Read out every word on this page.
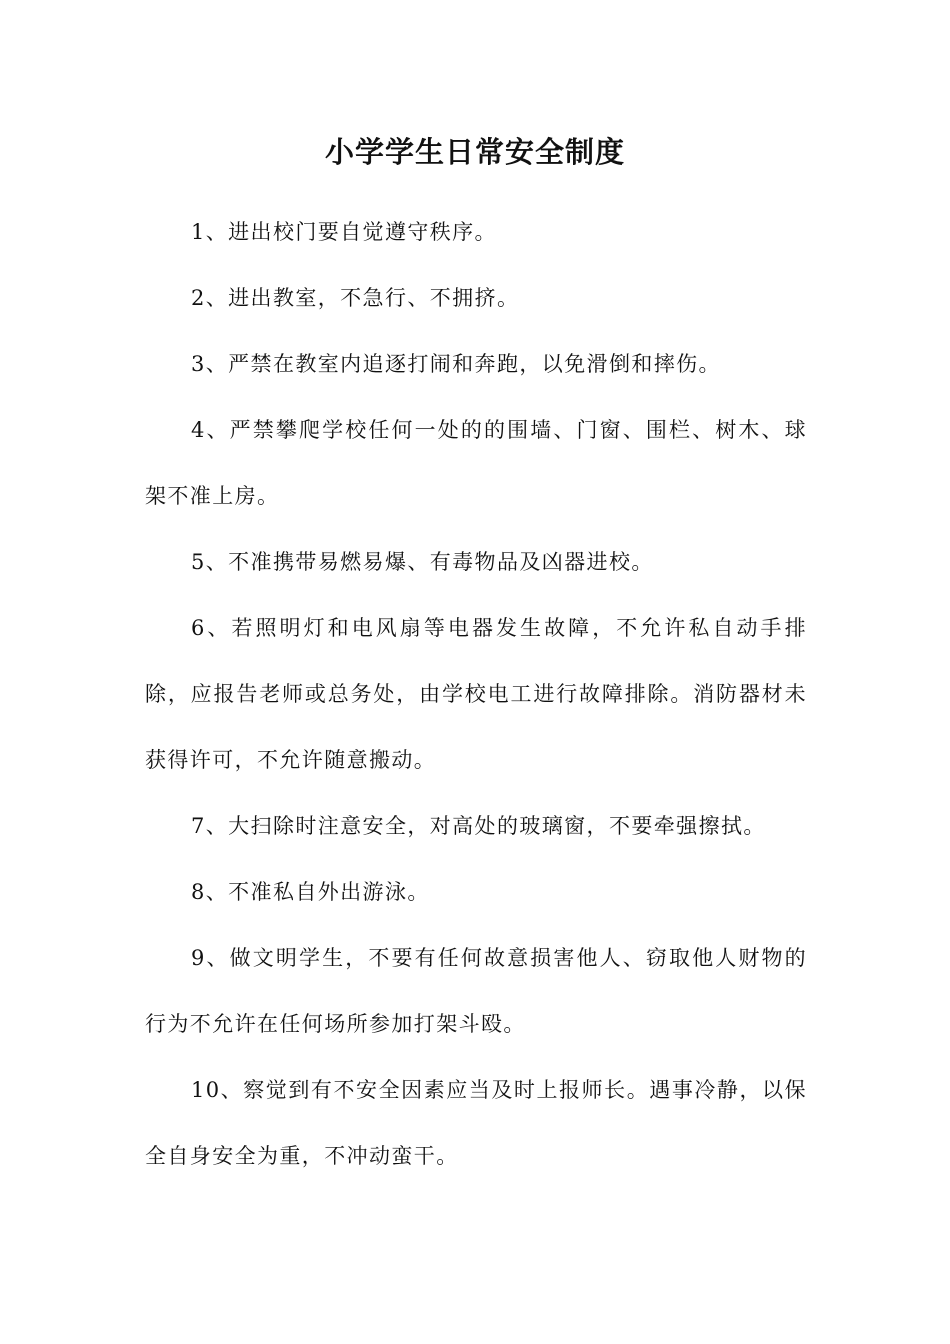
小学学生日常安全制度

1、进出校门要自觉遵守秩序。

2、进出教室，不急行、不拥挤。

3、严禁在教室内追逐打闹和奔跑，以免滑倒和摔伤。

4、严禁攀爬学校任何一处的的围墙、门窗、围栏、树木、球架不准上房。

5、不准携带易燃易爆、有毒物品及凶器进校。

6、若照明灯和电风扇等电器发生故障，不允许私自动手排除，应报告老师或总务处，由学校电工进行故障排除。消防器材未获得许可，不允许随意搬动。

7、大扫除时注意安全，对高处的玻璃窗，不要牵强擦拭。

8、不准私自外出游泳。

9、做文明学生，不要有任何故意损害他人、窃取他人财物的行为不允许在任何场所参加打架斗殴。

10、察觉到有不安全因素应当及时上报师长。遇事冷静，以保全自身安全为重，不冲动蛮干。
